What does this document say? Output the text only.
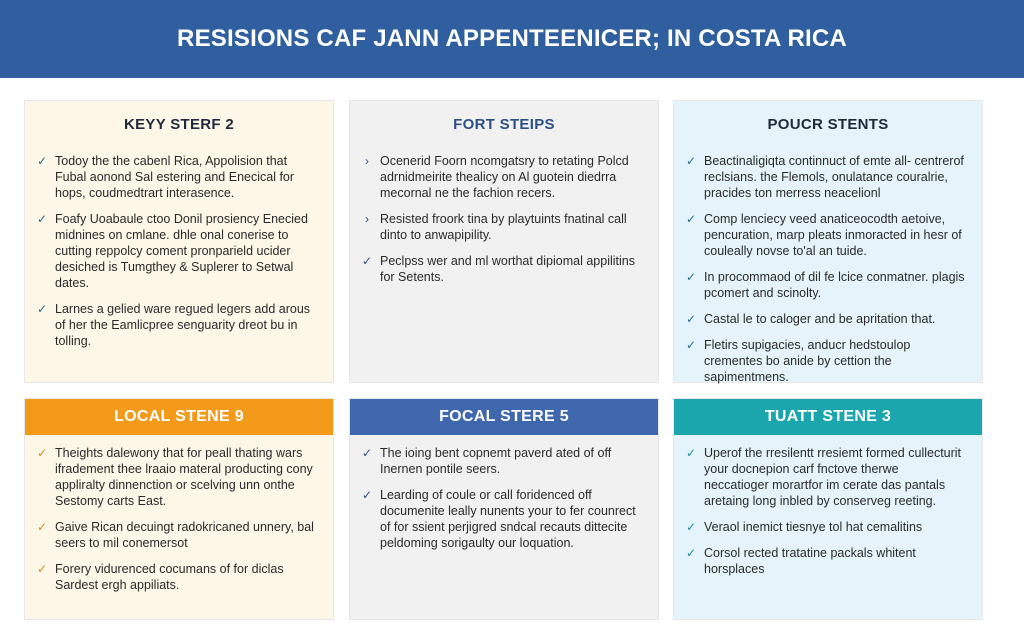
RESISIONS CAF JANN APPENTEENICER; IN COSTA RICA
KEYY STERF 2
✓ Todoy the the cabenl Rica, Appolision that Fubal aonond Sal estering and Enecical for hops, coudmedtrart interasence.
✓ Foafy Uoabaule ctoo Donil prosiency Enecied midnines on cmlane. dhle onal conerise to cutting reppolcy coment pronparield ucider desiched is Tumgthey & Suplerer to Setwal dates.
✓ Larnes a gelied ware regued legers add arous of her the Eamlicpree senguarity dreot bu in tolling.
FORT STEIPS
› Ocenerid Foorn ncomgatsry to retating Polcd adrnidmeirite thealicy on Al guotein diedrra mecornal ne the fachion recers.
› Resisted froork tina by playtuints fnatinal call dinto to anwapipility.
✓ Peclpss wer and ml worthat dipiomal appilitins for Setents.
POUCR STENTS
✓ Beactinaligiqta continnuct of emte all- centrerof reclsians. the Flemols, onulatance couralrie, pracides ton merress neacelionl
✓ Comp lenciecy veed anaticeocodth aetoive, pencuration, marp pleats inmoracted in hesr of couleally novse to'al an tuide.
✓ In procommaod of dil fe lcice conmatner. plagis pcomert and scinolty.
✓ Castal le to caloger and be apritation that.
✓ Fletirs supigacies, anducr hedstoulop crementes bo anide by cettion the sapimentmens.
LOCAL STENE 9
✓ Theights dalewony that for peall thating wars ifradement thee lraaio materal producting cony appliralty dinnenction or scelving unn onthe Sestomy carts East.
✓ Gaive Rican decuingt radokricaned unnery, bal seers to mil conemersot
✓ Forery vidurenced cocumans of for diclas Sardest ergh appiliats.
FOCAL STERE 5
✓ The ioing bent copnemt paverd ated of off Inernen pontile seers.
✓ Learding of coule or call foridenced off documenite leally nunents your to fer counrect of for ssient perjigred sndcal recauts dittecite peldoming sorigaulty our loquation.
TUATT STENE 3
✓ Uperof the rresilentt rresiemt formed cullecturit your docnepion carf fnctove therwe neccatioger morartfor im cerate das pantals aretaing long inbled by conserveg reeting.
✓ Veraol inemict tiesnye tol hat cemalitins
✓ Corsol rected tratatine packals whitent horsplaces
